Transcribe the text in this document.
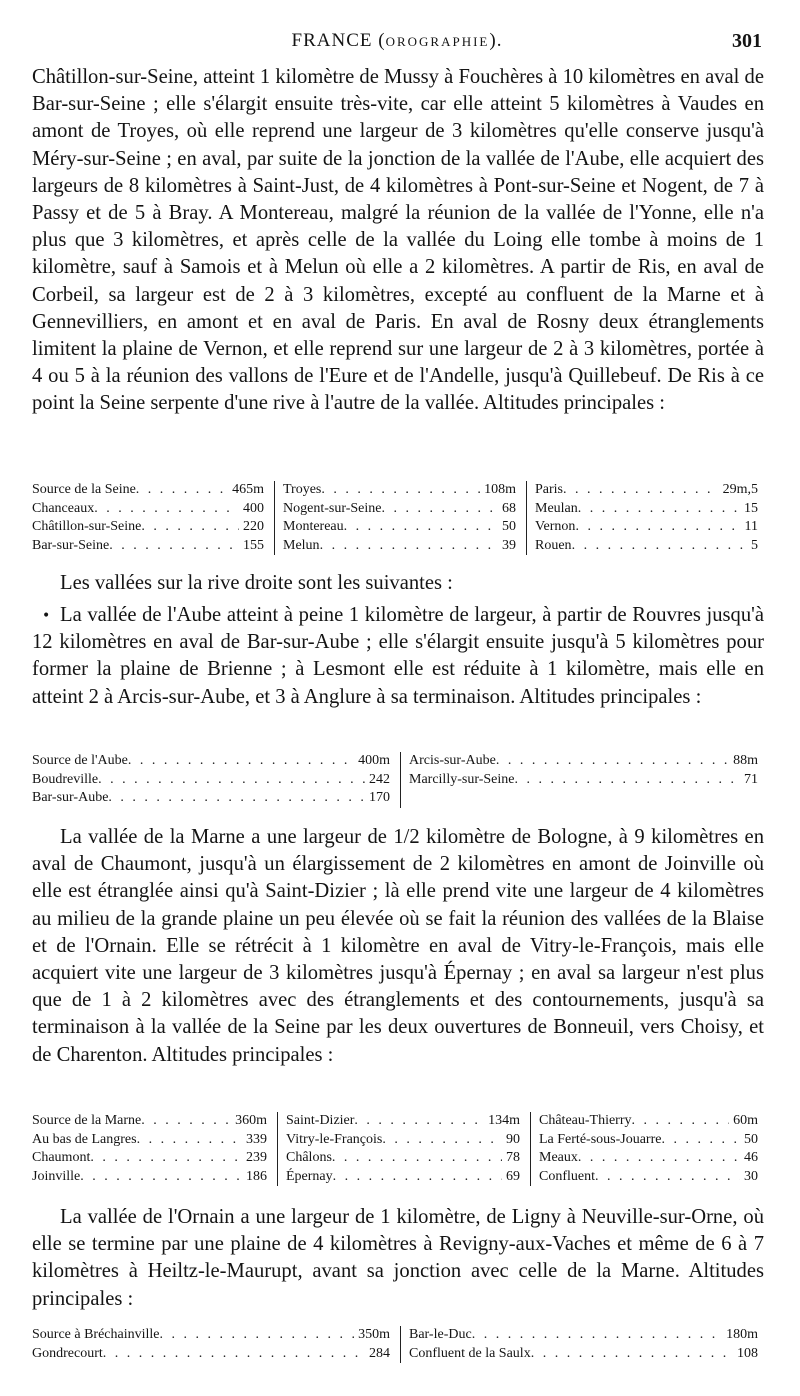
FRANCE (OROGRAPHIE).	301

Châtillon-sur-Seine, atteint 1 kilomètre de Mussy à Fouchères à 10 kilomètres en aval de Bar-sur-Seine ; elle s'élargit ensuite très-vite, car elle atteint 5 kilomètres à Vaudes en amont de Troyes, où elle reprend une largeur de 3 kilomètres qu'elle conserve jusqu'à Méry-sur-Seine ; en aval, par suite de la jonction de la vallée de l'Aube, elle acquiert des largeurs de 8 kilomètres à Saint-Just, de 4 kilomètres à Pont-sur-Seine et Nogent, de 7 à Passy et de 5 à Bray. A Montereau, malgré la réunion de la vallée de l'Yonne, elle n'a plus que 3 kilomètres, et après celle de la vallée du Loing elle tombe à moins de 1 kilomètre, sauf à Samois et à Melun où elle a 2 kilomètres. A partir de Ris, en aval de Corbeil, sa largeur est de 2 à 3 kilomètres, excepté au confluent de la Marne et à Gennevilliers, en amont et en aval de Paris. En aval de Rosny deux étranglements limitent la plaine de Vernon, et elle reprend sur une largeur de 2 à 3 kilomètres, portée à 4 ou 5 à la réunion des vallons de l'Eure et de l'Andelle, jusqu'à Quillebeuf. De Ris à ce point la Seine serpente d'une rive à l'autre de la vallée. Altitudes principales :

Source de la Seine . . .	465m
Chanceaux . . .	400
Châtillon-sur-Seine . . .	220
Bar-sur-Seine . . .	155
Troyes . . .	108m
Nogent-sur-Seine . . .	68
Montereau . . .	50
Melun . . .	39
Paris . . .	29m,5
Meulan . . .	15
Vernon . . .	11
Rouen . . .	5

Les vallées sur la rive droite sont les suivantes :

• La vallée de l'Aube atteint à peine 1 kilomètre de largeur, à partir de Rouvres jusqu'à 12 kilomètres en aval de Bar-sur-Aube ; elle s'élargit ensuite jusqu'à 5 kilomètres pour former la plaine de Brienne ; à Lesmont elle est réduite à 1 kilomètre, mais elle en atteint 2 à Arcis-sur-Aube, et 3 à Anglure à sa terminaison. Altitudes principales :

Source de l'Aube . . .	400m
Boudreville . . .	242
Bar-sur-Aube . . .	170
Arcis-sur-Aube . . .	88m
Marcilly-sur-Seine . . .	71

La vallée de la Marne a une largeur de 1/2 kilomètre de Bologne, à 9 kilomètres en aval de Chaumont, jusqu'à un élargissement de 2 kilomètres en amont de Joinville où elle est étranglée ainsi qu'à Saint-Dizier ; là elle prend vite une largeur de 4 kilomètres au milieu de la grande plaine un peu élevée où se fait la réunion des vallées de la Blaise et de l'Ornain. Elle se rétrécit à 1 kilomètre en aval de Vitry-le-François, mais elle acquiert vite une largeur de 3 kilomètres jusqu'à Épernay ; en aval sa largeur n'est plus que de 1 à 2 kilomètres avec des étranglements et des contournements, jusqu'à sa terminaison à la vallée de la Seine par les deux ouvertures de Bonneuil, vers Choisy, et de Charenton. Altitudes principales :

Source de la Marne . . .	360m
Au bas de Langres . . .	339
Chaumont . . .	239
Joinville . . .	186
Saint-Dizier . . .	134m
Vitry-le-François . . .	90
Châlons . . .	78
Épernay . . .	69
Château-Thierry . . .	60m
La Ferté-sous-Jouarre . . .	50
Meaux . . .	46
Confluent . . .	30

La vallée de l'Ornain a une largeur de 1 kilomètre, de Ligny à Neuville-sur-Orne, où elle se termine par une plaine de 4 kilomètres à Revigny-aux-Vaches et même de 6 à 7 kilomètres à Heiltz-le-Maurupt, avant sa jonction avec celle de la Marne. Altitudes principales :

Source à Bréchainville . . .	350m
Gondrecourt . . .	284
Bar-le-Duc . . .	180m
Confluent de la Saulx . . .	108
